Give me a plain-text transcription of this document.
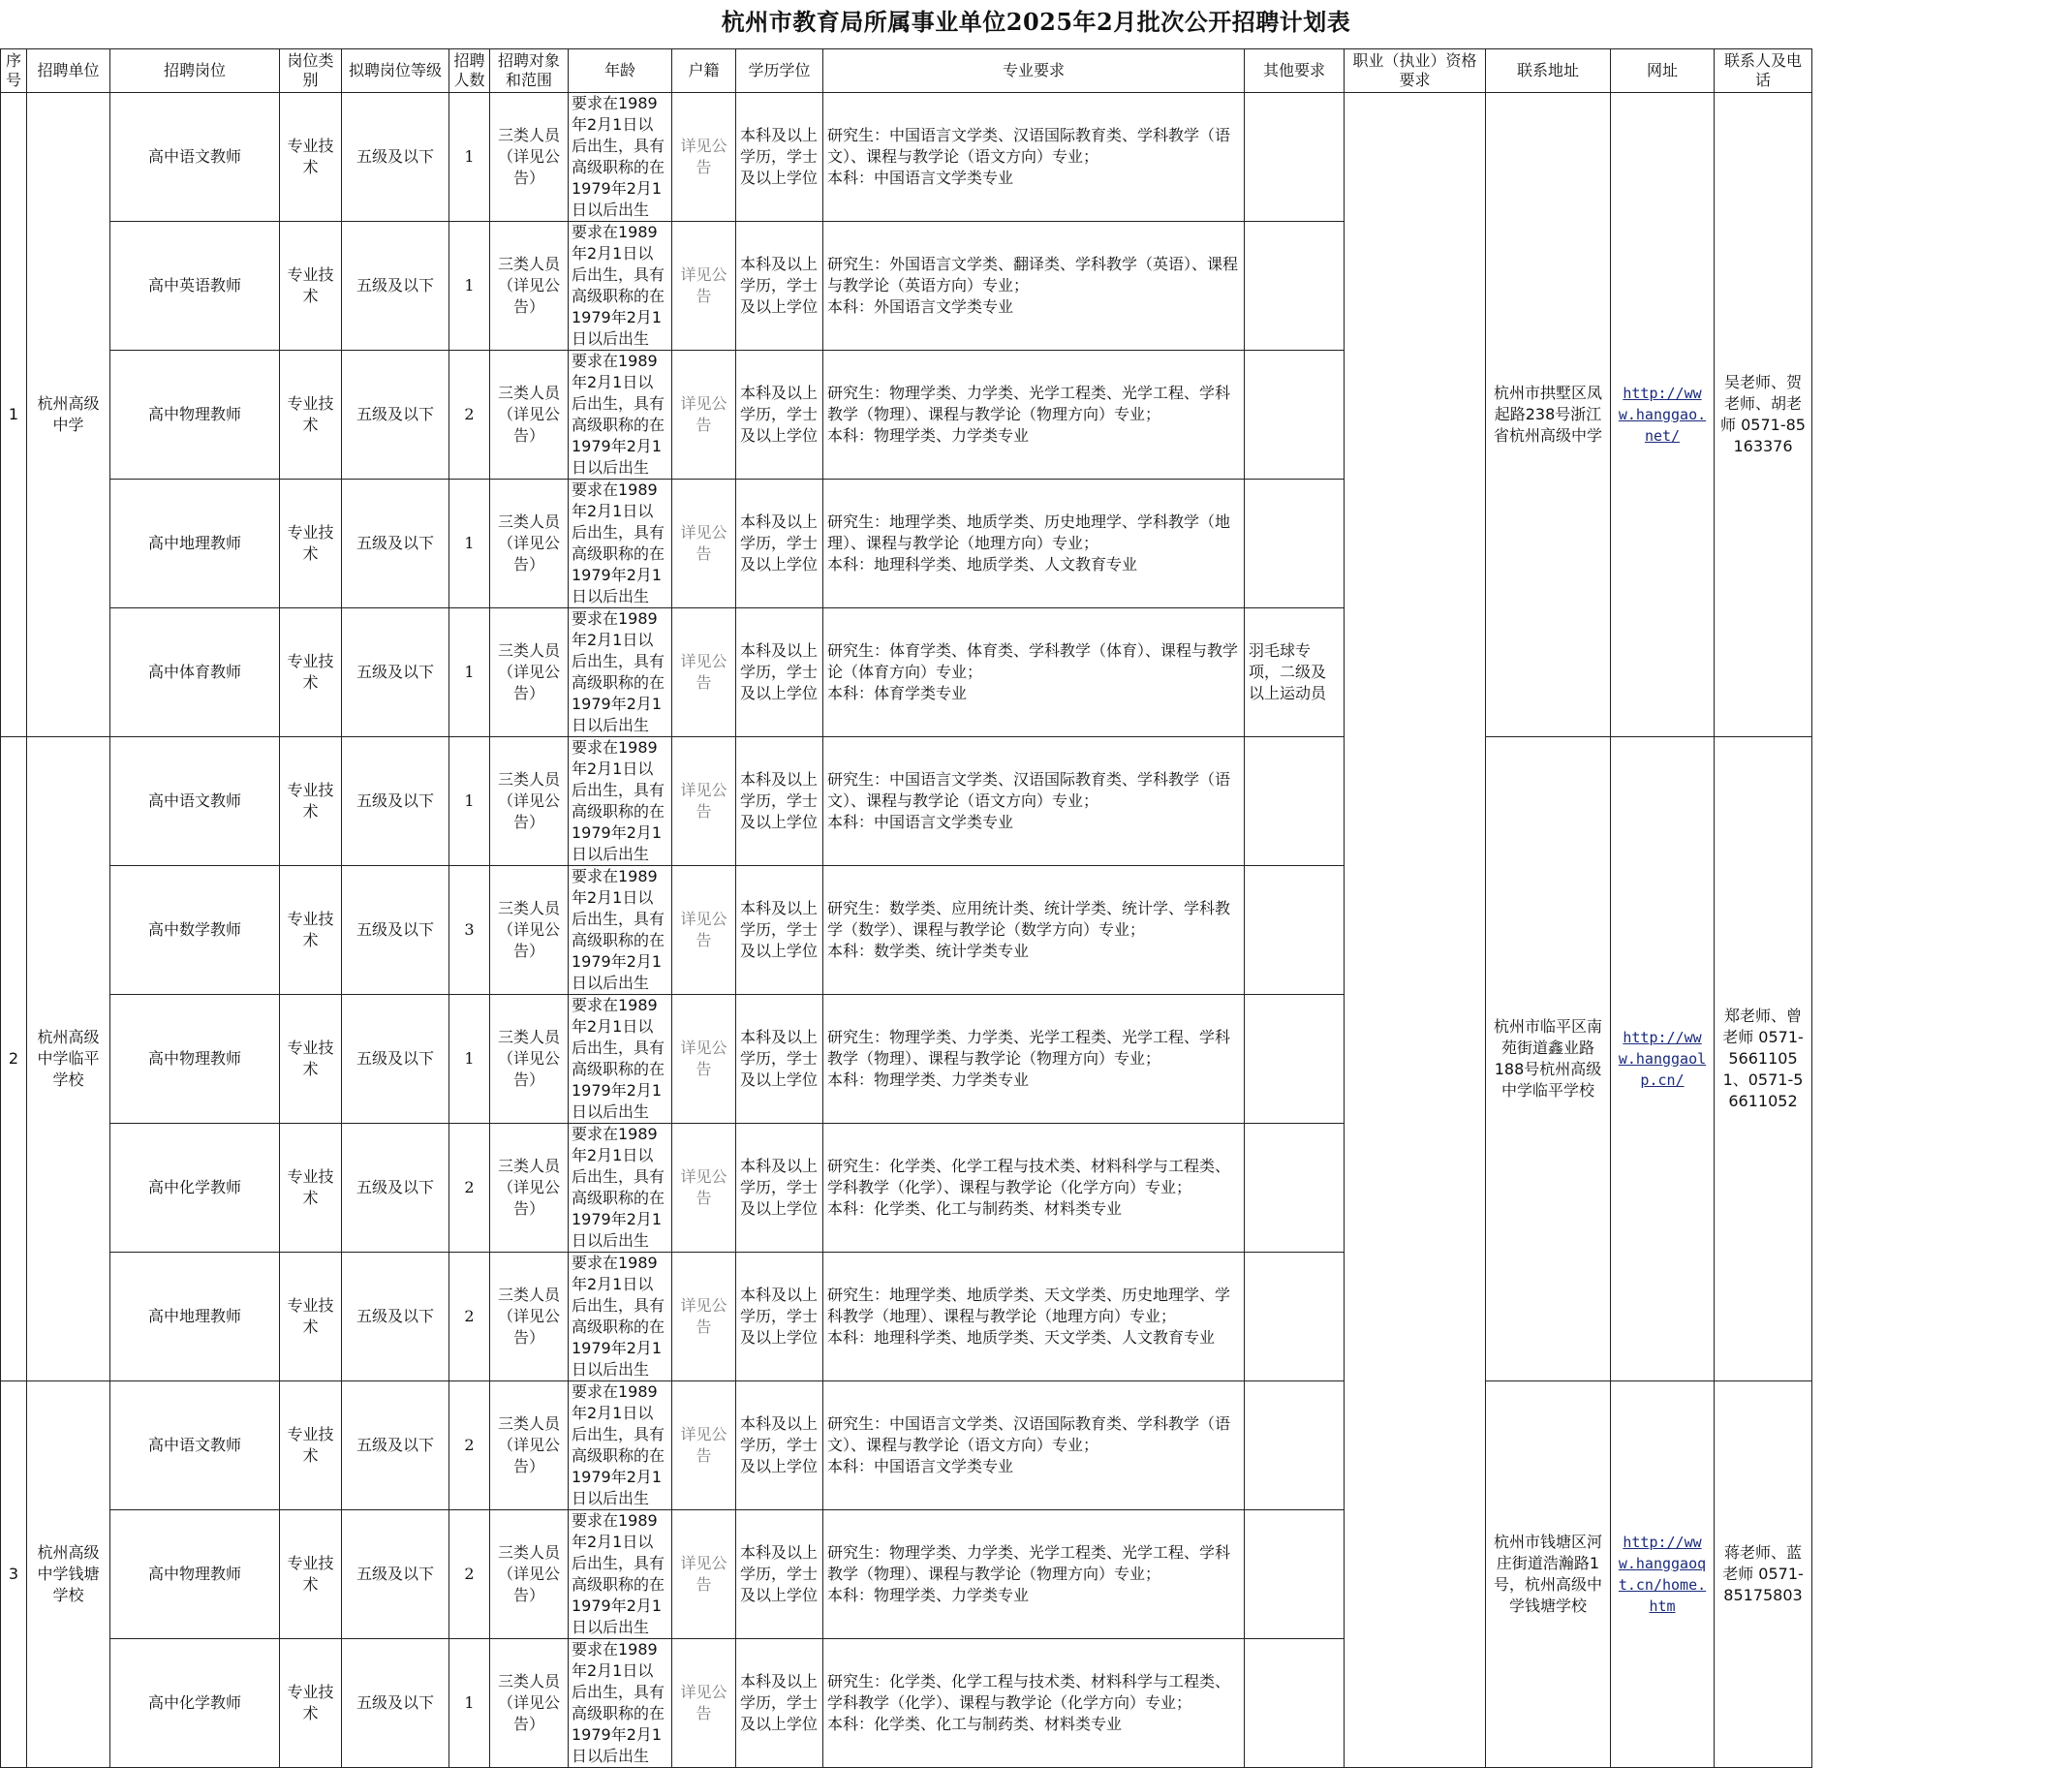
杭州市教育局所属事业单位2025年2月批次公开招聘计划表
序号	招聘单位	招聘岗位	岗位类别	拟聘岗位等级	招聘人数	招聘对象和范围	年龄	户籍	学历学位	专业要求	其他要求	职业（执业）资格要求	联系地址	网址	联系人及电话
1	杭州高级中学	高中语文教师	专业技术	五级及以下	1	三类人员（详见公告）	要求在1989年2月1日以后出生，具有高级职称的在1979年2月1日以后出生	详见公告	本科及以上学历，学士及以上学位	研究生：中国语言文学类、汉语国际教育类、学科教学（语文）、课程与教学论（语文方向）专业；
本科：中国语言文学类专业			杭州市拱墅区凤起路238号浙江省杭州高级中学	http://www.hanggao.net/	吴老师、贺老师、胡老师 0571-85163376
		高中英语教师	专业技术	五级及以下	1	三类人员（详见公告）	要求在1989年2月1日以后出生，具有高级职称的在1979年2月1日以后出生	详见公告	本科及以上学历，学士及以上学位	研究生：外国语言文学类、翻译类、学科教学（英语）、课程与教学论（英语方向）专业；
本科：外国语言文学类专业					
		高中物理教师	专业技术	五级及以下	2	三类人员（详见公告）	要求在1989年2月1日以后出生，具有高级职称的在1979年2月1日以后出生	详见公告	本科及以上学历，学士及以上学位	研究生：物理学类、力学类、光学工程类、光学工程、学科教学（物理）、课程与教学论（物理方向）专业；
本科：物理学类、力学类专业					
		高中地理教师	专业技术	五级及以下	1	三类人员（详见公告）	要求在1989年2月1日以后出生，具有高级职称的在1979年2月1日以后出生	详见公告	本科及以上学历，学士及以上学位	研究生：地理学类、地质学类、历史地理学、学科教学（地理）、课程与教学论（地理方向）专业；
本科：地理科学类、地质学类、人文教育专业					
		高中体育教师	专业技术	五级及以下	1	三类人员（详见公告）	要求在1989年2月1日以后出生，具有高级职称的在1979年2月1日以后出生	详见公告	本科及以上学历，学士及以上学位	研究生：体育学类、体育类、学科教学（体育）、课程与教学论（体育方向）专业；
本科：体育学类专业	羽毛球专项，二级及以上运动员				
2	杭州高级中学临平学校	高中语文教师	专业技术	五级及以下	1	三类人员（详见公告）	要求在1989年2月1日以后出生，具有高级职称的在1979年2月1日以后出生	详见公告	本科及以上学历，学士及以上学位	研究生：中国语言文学类、汉语国际教育类、学科教学（语文）、课程与教学论（语文方向）专业；
本科：中国语言文学类专业			杭州市临平区南苑街道鑫业路188号杭州高级中学临平学校	http://www.hanggaolp.cn/	郑老师、曾老师 0571-56611051、0571-56611052
		高中数学教师	专业技术	五级及以下	3	三类人员（详见公告）	要求在1989年2月1日以后出生，具有高级职称的在1979年2月1日以后出生	详见公告	本科及以上学历，学士及以上学位	研究生：数学类、应用统计类、统计学类、统计学、学科教学（数学）、课程与教学论（数学方向）专业；
本科：数学类、统计学类专业					
		高中物理教师	专业技术	五级及以下	1	三类人员（详见公告）	要求在1989年2月1日以后出生，具有高级职称的在1979年2月1日以后出生	详见公告	本科及以上学历，学士及以上学位	研究生：物理学类、力学类、光学工程类、光学工程、学科教学（物理）、课程与教学论（物理方向）专业；
本科：物理学类、力学类专业					
		高中化学教师	专业技术	五级及以下	2	三类人员（详见公告）	要求在1989年2月1日以后出生，具有高级职称的在1979年2月1日以后出生	详见公告	本科及以上学历，学士及以上学位	研究生：化学类、化学工程与技术类、材料科学与工程类、学科教学（化学）、课程与教学论（化学方向）专业；
本科：化学类、化工与制药类、材料类专业					
		高中地理教师	专业技术	五级及以下	2	三类人员（详见公告）	要求在1989年2月1日以后出生，具有高级职称的在1979年2月1日以后出生	详见公告	本科及以上学历，学士及以上学位	研究生：地理学类、地质学类、天文学类、历史地理学、学科教学（地理）、课程与教学论（地理方向）专业；
本科：地理科学类、地质学类、天文学类、人文教育专业					
3	杭州高级中学钱塘学校	高中语文教师	专业技术	五级及以下	2	三类人员（详见公告）	要求在1989年2月1日以后出生，具有高级职称的在1979年2月1日以后出生	详见公告	本科及以上学历，学士及以上学位	研究生：中国语言文学类、汉语国际教育类、学科教学（语文）、课程与教学论（语文方向）专业；
本科：中国语言文学类专业			杭州市钱塘区河庄街道浩瀚路1号，杭州高级中学钱塘学校	http://www.hanggaoqt.cn/home.htm	蒋老师、蓝老师 0571-85175803
		高中物理教师	专业技术	五级及以下	2	三类人员（详见公告）	要求在1989年2月1日以后出生，具有高级职称的在1979年2月1日以后出生	详见公告	本科及以上学历，学士及以上学位	研究生：物理学类、力学类、光学工程类、光学工程、学科教学（物理）、课程与教学论（物理方向）专业；
本科：物理学类、力学类专业					
		高中化学教师	专业技术	五级及以下	1	三类人员（详见公告）	要求在1989年2月1日以后出生，具有高级职称的在1979年2月1日以后出生	详见公告	本科及以上学历，学士及以上学位	研究生：化学类、化学工程与技术类、材料科学与工程类、学科教学（化学）、课程与教学论（化学方向）专业；
本科：化学类、化工与制药类、材料类专业					
